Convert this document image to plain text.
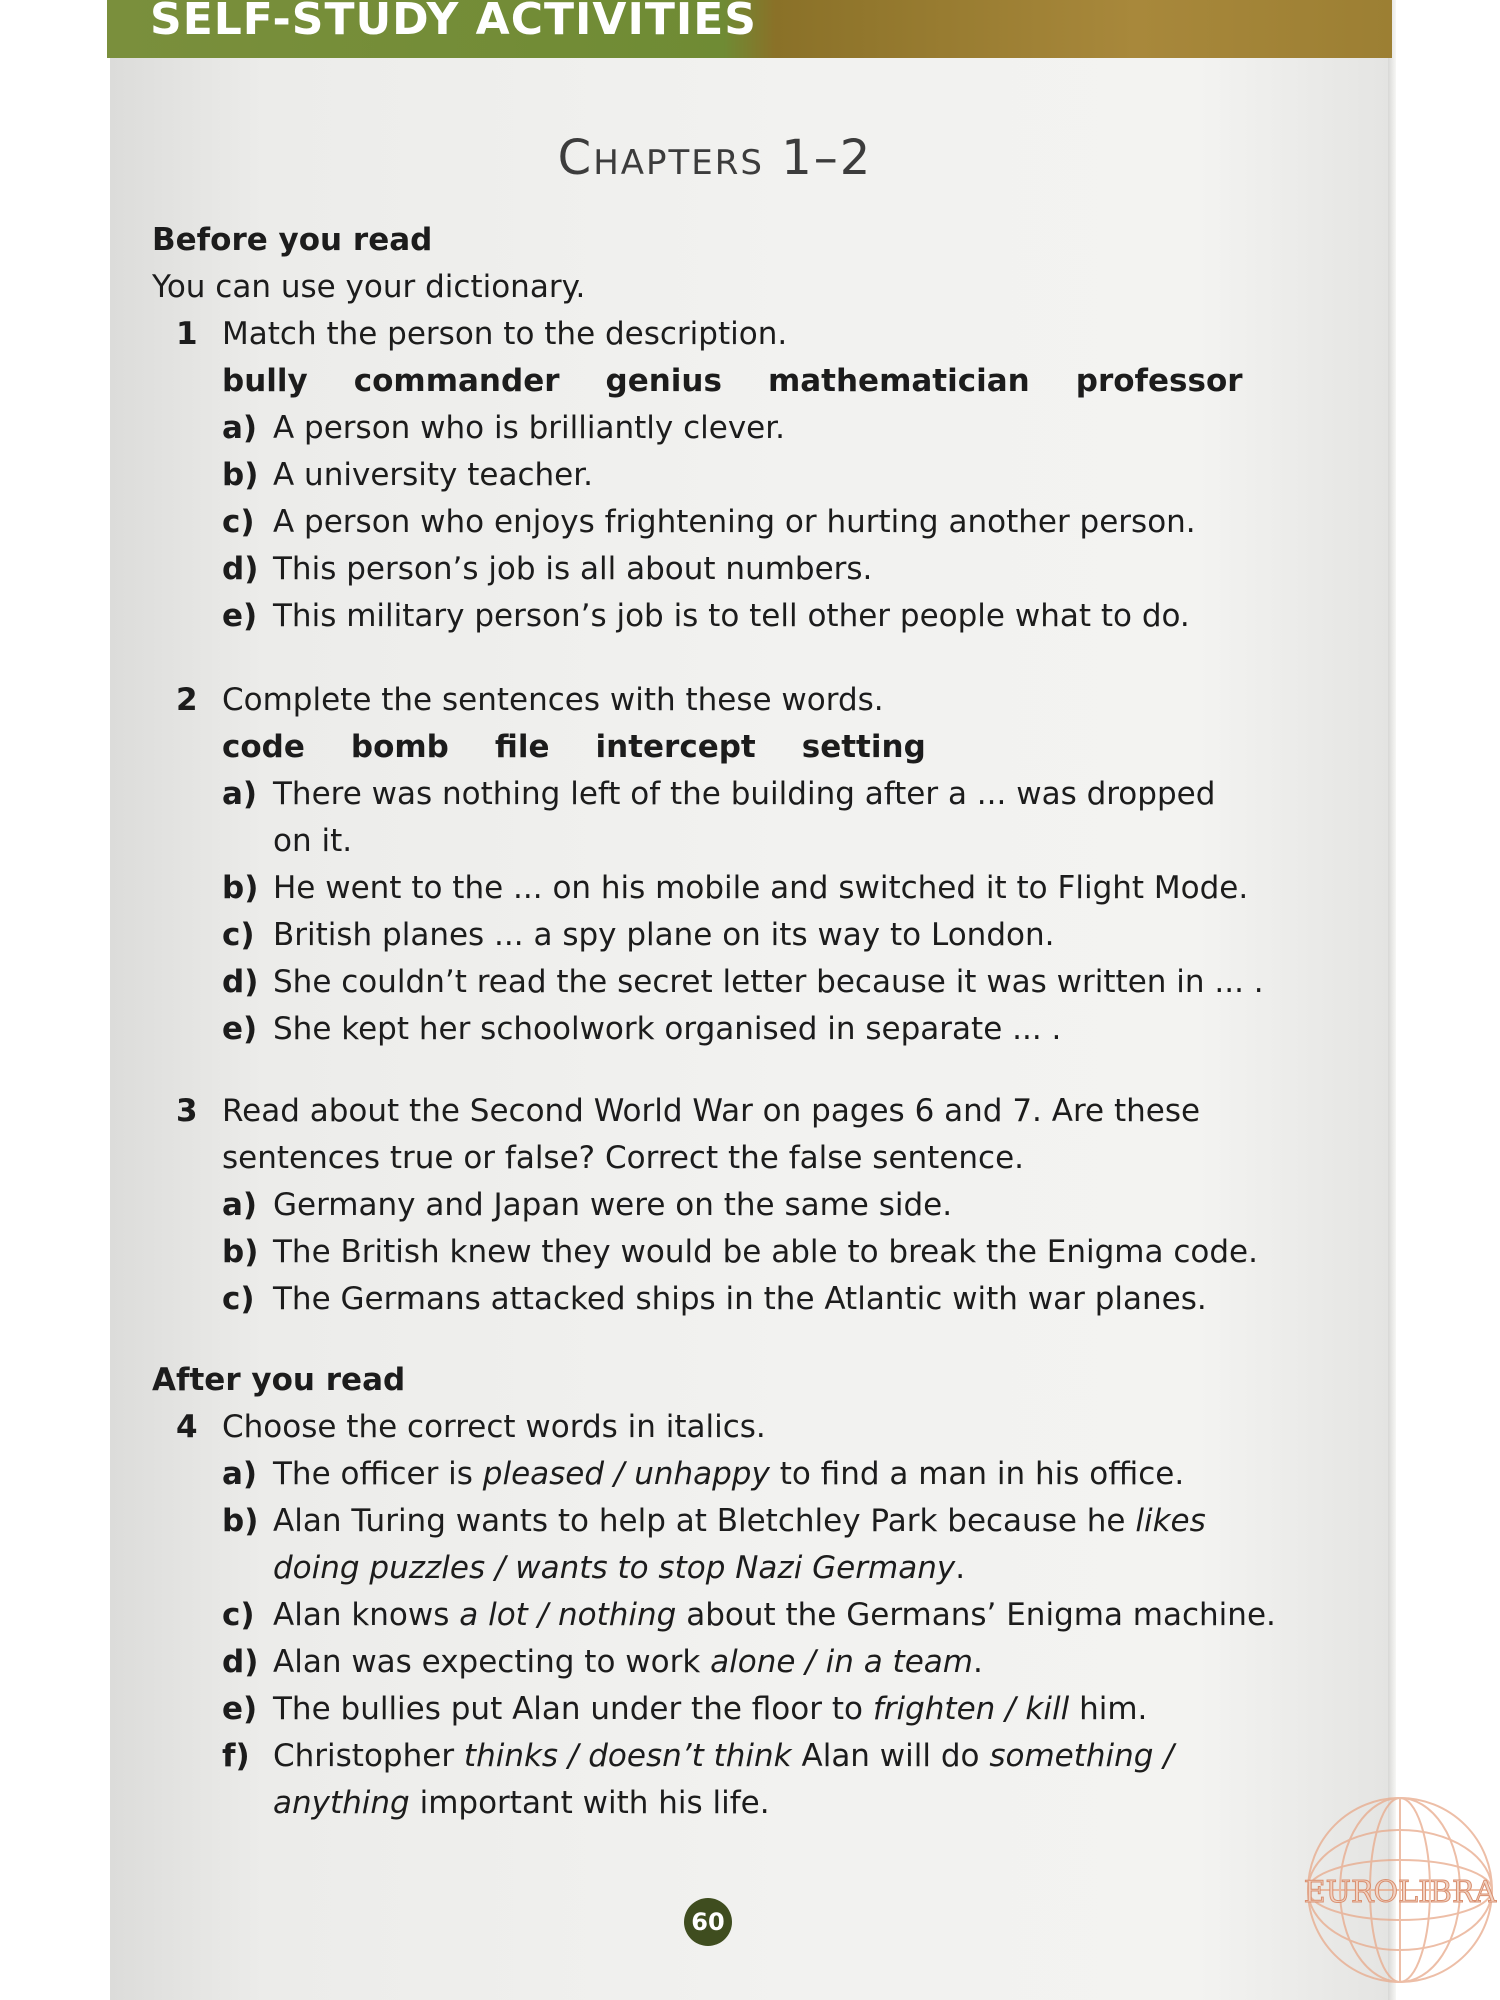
SELF-STUDY ACTIVITIES
Chapters 1–2
Before you read
You can use your dictionary.
1 Match the person to the description.
bully commander genius mathematician professor
a) A person who is brilliantly clever.
b) A university teacher.
c) A person who enjoys frightening or hurting another person.
d) This person’s job is all about numbers.
e) This military person’s job is to tell other people what to do.
2 Complete the sentences with these words.
code bomb file intercept setting
a) There was nothing left of the building after a ... was dropped
on it.
b) He went to the ... on his mobile and switched it to Flight Mode.
c) British planes ... a spy plane on its way to London.
d) She couldn’t read the secret letter because it was written in ... .
e) She kept her schoolwork organised in separate ... .
3 Read about the Second World War on pages 6 and 7. Are these
sentences true or false? Correct the false sentence.
a) Germany and Japan were on the same side.
b) The British knew they would be able to break the Enigma code.
c) The Germans attacked ships in the Atlantic with war planes.
After you read
4 Choose the correct words in italics.
a) The officer is pleased / unhappy to find a man in his office.
b) Alan Turing wants to help at Bletchley Park because he likes
doing puzzles / wants to stop Nazi Germany.
c) Alan knows a lot / nothing about the Germans’ Enigma machine.
d) Alan was expecting to work alone / in a team.
e) The bullies put Alan under the floor to frighten / kill him.
f) Christopher thinks / doesn’t think Alan will do something /
anything important with his life.
60
EUROLIBRA
